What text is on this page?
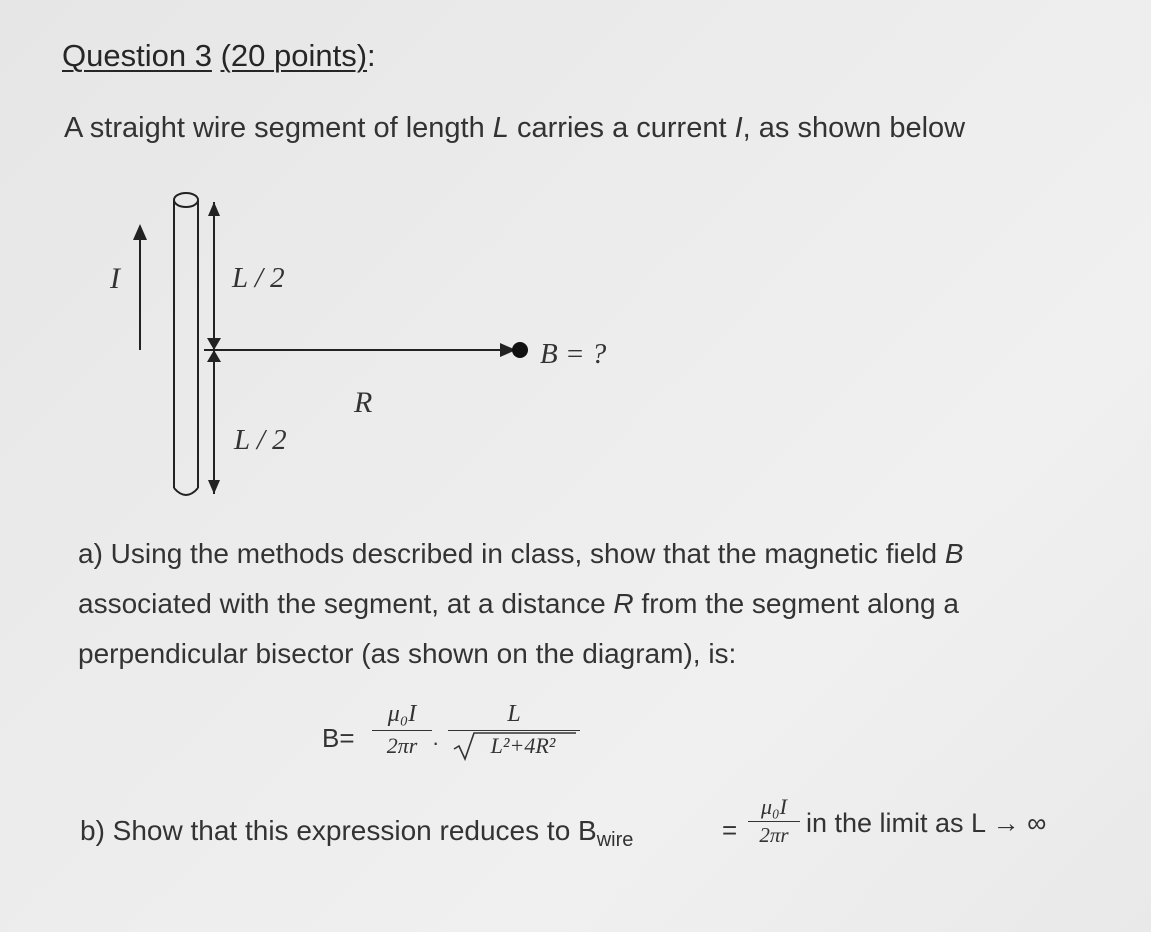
Question 3 (20 points):
A straight wire segment of length L carries a current I, as shown below
I	L / 2
L / 2
R
B = ?
a) Using the methods described in class, show that the magnetic field B
associated with the segment, at a distance R from the segment along a
perpendicular bisector (as shown on the diagram), is:
B=
μ₀I
2πr ·
L
L²+4R²
b) Show that this expression reduces to $B_{wire}$	=
μ₀I
2πr in the limit as L → ∞
